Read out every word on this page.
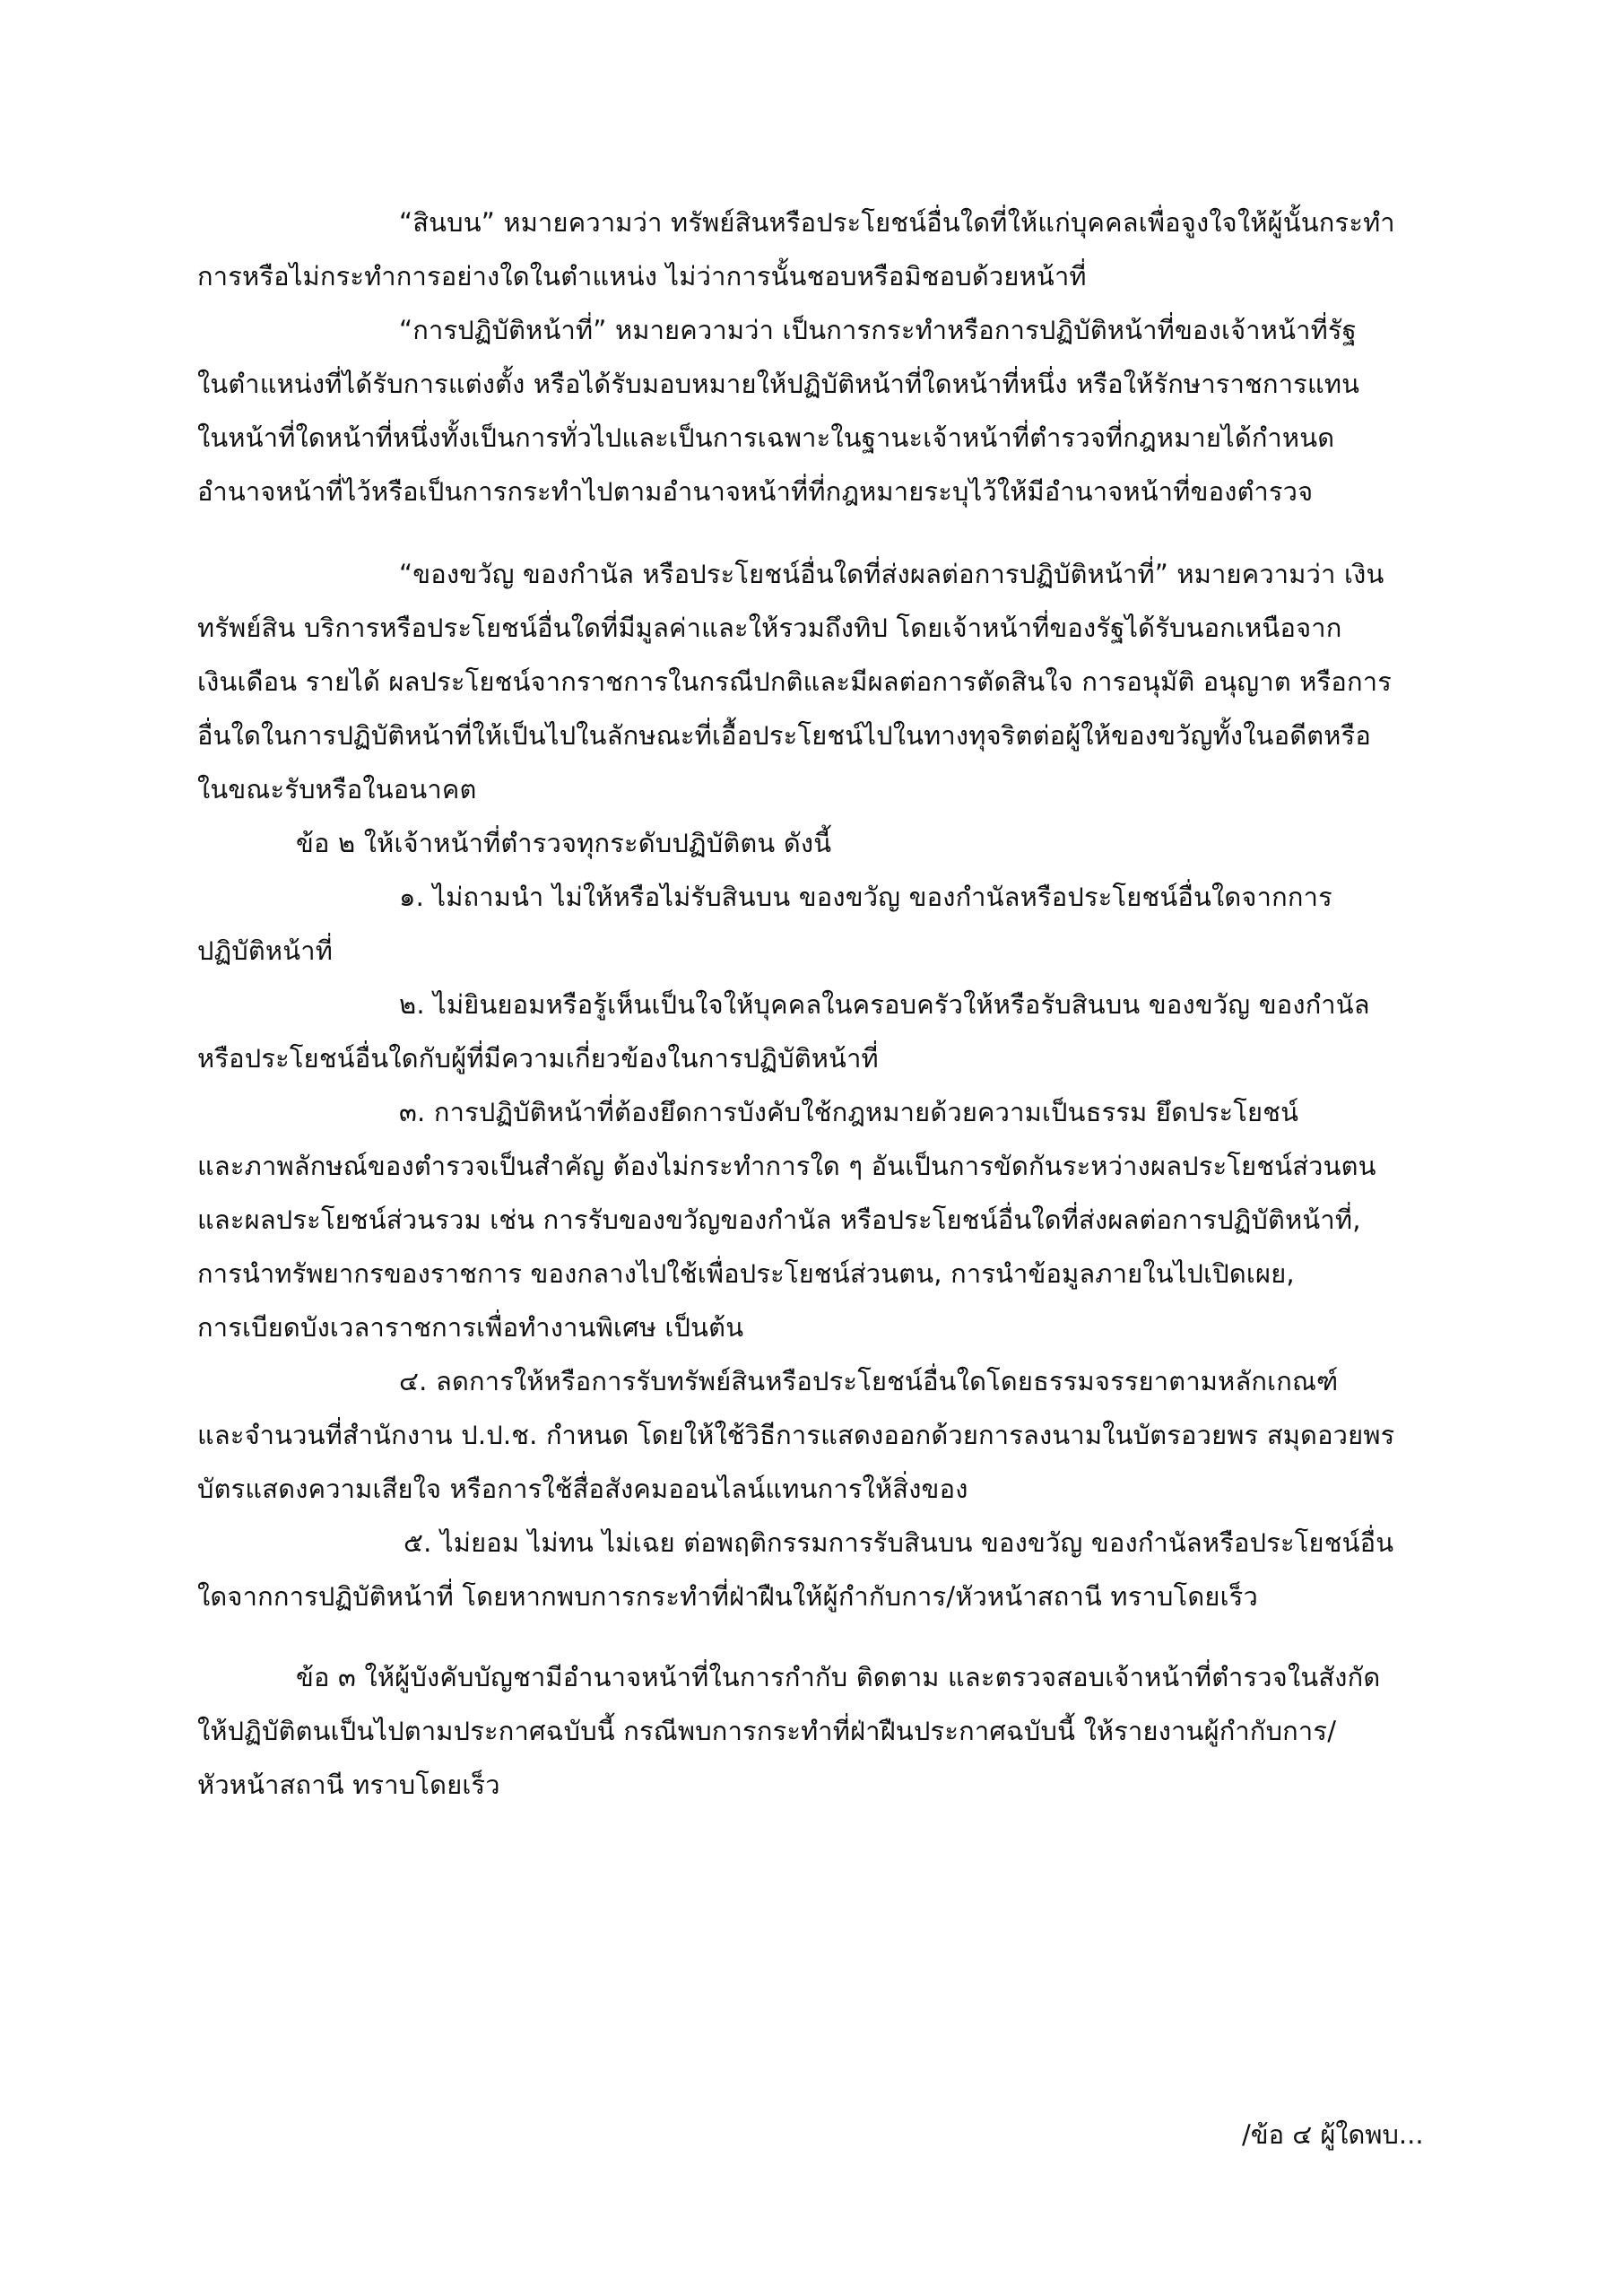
“สินบน” หมายความว่า ทรัพย์สินหรือประโยชน์อื่นใดที่ให้แก่บุคคลเพื่อจูงใจให้ผู้นั้นกระทำ
การหรือไม่กระทำการอย่างใดในตำแหน่ง ไม่ว่าการนั้นชอบหรือมิชอบด้วยหน้าที่
“การปฏิบัติหน้าที่” หมายความว่า เป็นการกระทำหรือการปฏิบัติหน้าที่ของเจ้าหน้าที่รัฐ
ในตำแหน่งที่ได้รับการแต่งตั้ง หรือได้รับมอบหมายให้ปฏิบัติหน้าที่ใดหน้าที่หนึ่ง หรือให้รักษาราชการแทน
ในหน้าที่ใดหน้าที่หนึ่งทั้งเป็นการทั่วไปและเป็นการเฉพาะในฐานะเจ้าหน้าที่ตำรวจที่กฎหมายได้กำหนด
อำนาจหน้าที่ไว้หรือเป็นการกระทำไปตามอำนาจหน้าที่ที่กฎหมายระบุไว้ให้มีอำนาจหน้าที่ของตำรวจ
“ของขวัญ ของกำนัล หรือประโยชน์อื่นใดที่ส่งผลต่อการปฏิบัติหน้าที่” หมายความว่า เงิน
ทรัพย์สิน บริการหรือประโยชน์อื่นใดที่มีมูลค่าและให้รวมถึงทิป โดยเจ้าหน้าที่ของรัฐได้รับนอกเหนือจาก
เงินเดือน รายได้ ผลประโยชน์จากราชการในกรณีปกติและมีผลต่อการตัดสินใจ การอนุมัติ อนุญาต หรือการ
อื่นใดในการปฏิบัติหน้าที่ให้เป็นไปในลักษณะที่เอื้อประโยชน์ไปในทางทุจริตต่อผู้ให้ของขวัญทั้งในอดีตหรือ
ในขณะรับหรือในอนาคต
ข้อ ๒ ให้เจ้าหน้าที่ตำรวจทุกระดับปฏิบัติตน ดังนี้
๑. ไม่ถามนำ ไม่ให้หรือไม่รับสินบน ของขวัญ ของกำนัลหรือประโยชน์อื่นใดจากการ
ปฏิบัติหน้าที่
๒. ไม่ยินยอมหรือรู้เห็นเป็นใจให้บุคคลในครอบครัวให้หรือรับสินบน ของขวัญ ของกำนัล
หรือประโยชน์อื่นใดกับผู้ที่มีความเกี่ยวข้องในการปฏิบัติหน้าที่
๓. การปฏิบัติหน้าที่ต้องยึดการบังคับใช้กฎหมายด้วยความเป็นธรรม ยึดประโยชน์
และภาพลักษณ์ของตำรวจเป็นสำคัญ ต้องไม่กระทำการใด ๆ อันเป็นการขัดกันระหว่างผลประโยชน์ส่วนตน
และผลประโยชน์ส่วนรวม เช่น การรับของขวัญของกำนัล หรือประโยชน์อื่นใดที่ส่งผลต่อการปฏิบัติหน้าที่,
การนำทรัพยากรของราชการ ของกลางไปใช้เพื่อประโยชน์ส่วนตน, การนำข้อมูลภายในไปเปิดเผย,
การเบียดบังเวลาราชการเพื่อทำงานพิเศษ เป็นต้น
๔. ลดการให้หรือการรับทรัพย์สินหรือประโยชน์อื่นใดโดยธรรมจรรยาตามหลักเกณฑ์
และจำนวนที่สำนักงาน ป.ป.ช. กำหนด โดยให้ใช้วิธีการแสดงออกด้วยการลงนามในบัตรอวยพร สมุดอวยพร
บัตรแสดงความเสียใจ หรือการใช้สื่อสังคมออนไลน์แทนการให้สิ่งของ
๕. ไม่ยอม ไม่ทน ไม่เฉย ต่อพฤติกรรมการรับสินบน ของขวัญ ของกำนัลหรือประโยชน์อื่น
ใดจากการปฏิบัติหน้าที่ โดยหากพบการกระทำที่ฝ่าฝืนให้ผู้กำกับการ/หัวหน้าสถานี ทราบโดยเร็ว
ข้อ ๓ ให้ผู้บังคับบัญชามีอำนาจหน้าที่ในการกำกับ ติดตาม และตรวจสอบเจ้าหน้าที่ตำรวจในสังกัด
ให้ปฏิบัติตนเป็นไปตามประกาศฉบับนี้ กรณีพบการกระทำที่ฝ่าฝืนประกาศฉบับนี้ ให้รายงานผู้กำกับการ/
หัวหน้าสถานี ทราบโดยเร็ว
/ข้อ ๔ ผู้ใดพบ...
